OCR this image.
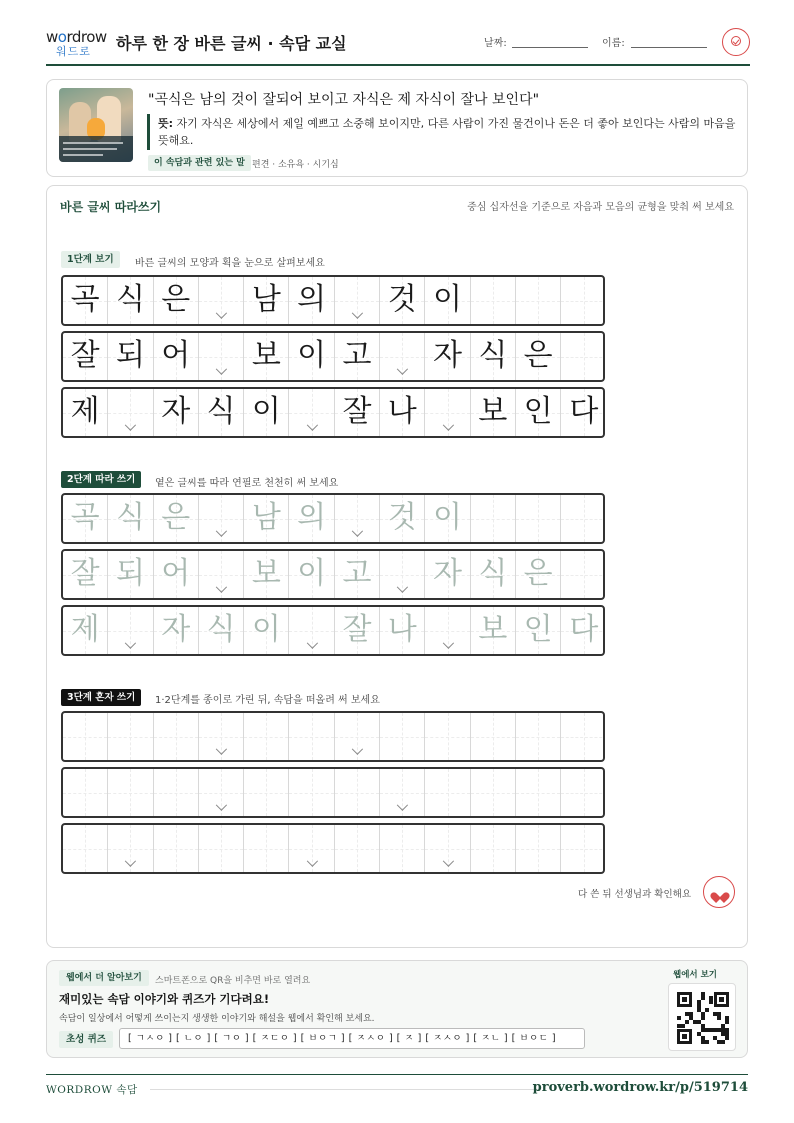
wordrow
워드로 하루 한 장 바른 글씨 · 속담 교실	날짜:	이름:
"곡식은 남의 것이 잘되어 보이고 자식은 제 자식이 잘나 보인다"
뜻: 자기 자식은 세상에서 제일 예쁘고 소중해 보이지만, 다른 사람이 가진 물건이나 돈은 더 좋아 보인다는 사람의 마음을 뜻해요.
이 속담과 관련 있는 말 편견 · 소유욕 · 시기심
바른 글씨 따라쓰기	중심 십자선을 기준으로 자음과 모음의 균형을 맞춰 써 보세요
1단계 보기	바른 글씨의 모양과 획을 눈으로 살펴보세요
곡 식 은 남 의 것 이
잘 되 어 보 이 고 자 식 은
제 자 식 이 잘 나 보 인 다
2단계 따라 쓰기	옅은 글씨를 따라 연필로 천천히 써 보세요
곡 식 은 남 의 것 이
잘 되 어 보 이 고 자 식 은
제 자 식 이 잘 나 보 인 다
3단계 혼자 쓰기	1·2단계를 종이로 가린 뒤, 속담을 떠올려 써 보세요
다 쓴 뒤 선생님과 확인해요
웹에서 더 알아보기	스마트폰으로 QR을 비추면 바로 열려요
재미있는 속담 이야기와 퀴즈가 기다려요!
속담이 일상에서 어떻게 쓰이는지 생생한 이야기와 해설을 웹에서 확인해 보세요.
초성 퀴즈	[ ㄱㅅㅇ ] [ ㄴㅇ ] [ ㄱㅇ ] [ ㅈㄷㅇ ] [ ㅂㅇㄱ ] [ ㅈㅅㅇ ] [ ㅈ ] [ ㅈㅅㅇ ] [ ㅈㄴ ] [ ㅂㅇㄷ ]
웹에서 보기
WORDROW 속담	proverb.wordrow.kr/p/519714
